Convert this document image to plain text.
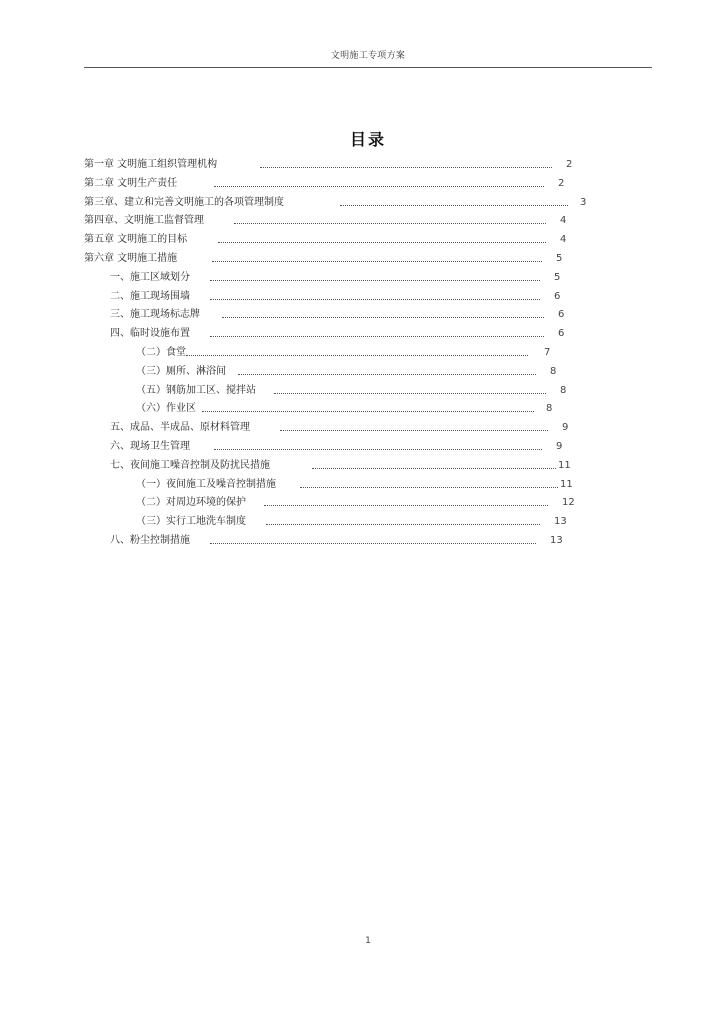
文明施工专项方案
目录
第一章 文明施工组织管理机构	2
第二章 文明生产责任	2
第三章、建立和完善文明施工的各项管理制度	3
第四章、文明施工监督管理	4
第五章 文明施工的目标	4
第六章 文明施工措施	5
一、施工区域划分	5
二、施工现场围墙	6
三、施工现场标志牌	6
四、临时设施布置	6
（二）食堂	7
（三）厕所、淋浴间	8
（五）钢筋加工区、搅拌站	8
（六）作业区	8
五、成品、半成品、原材料管理	9
六、现场卫生管理	9
七、夜间施工噪音控制及防扰民措施	11
（一）夜间施工及噪音控制措施	11
（二）对周边环境的保护	12
（三）实行工地洗车制度	13
八、粉尘控制措施	13
1
